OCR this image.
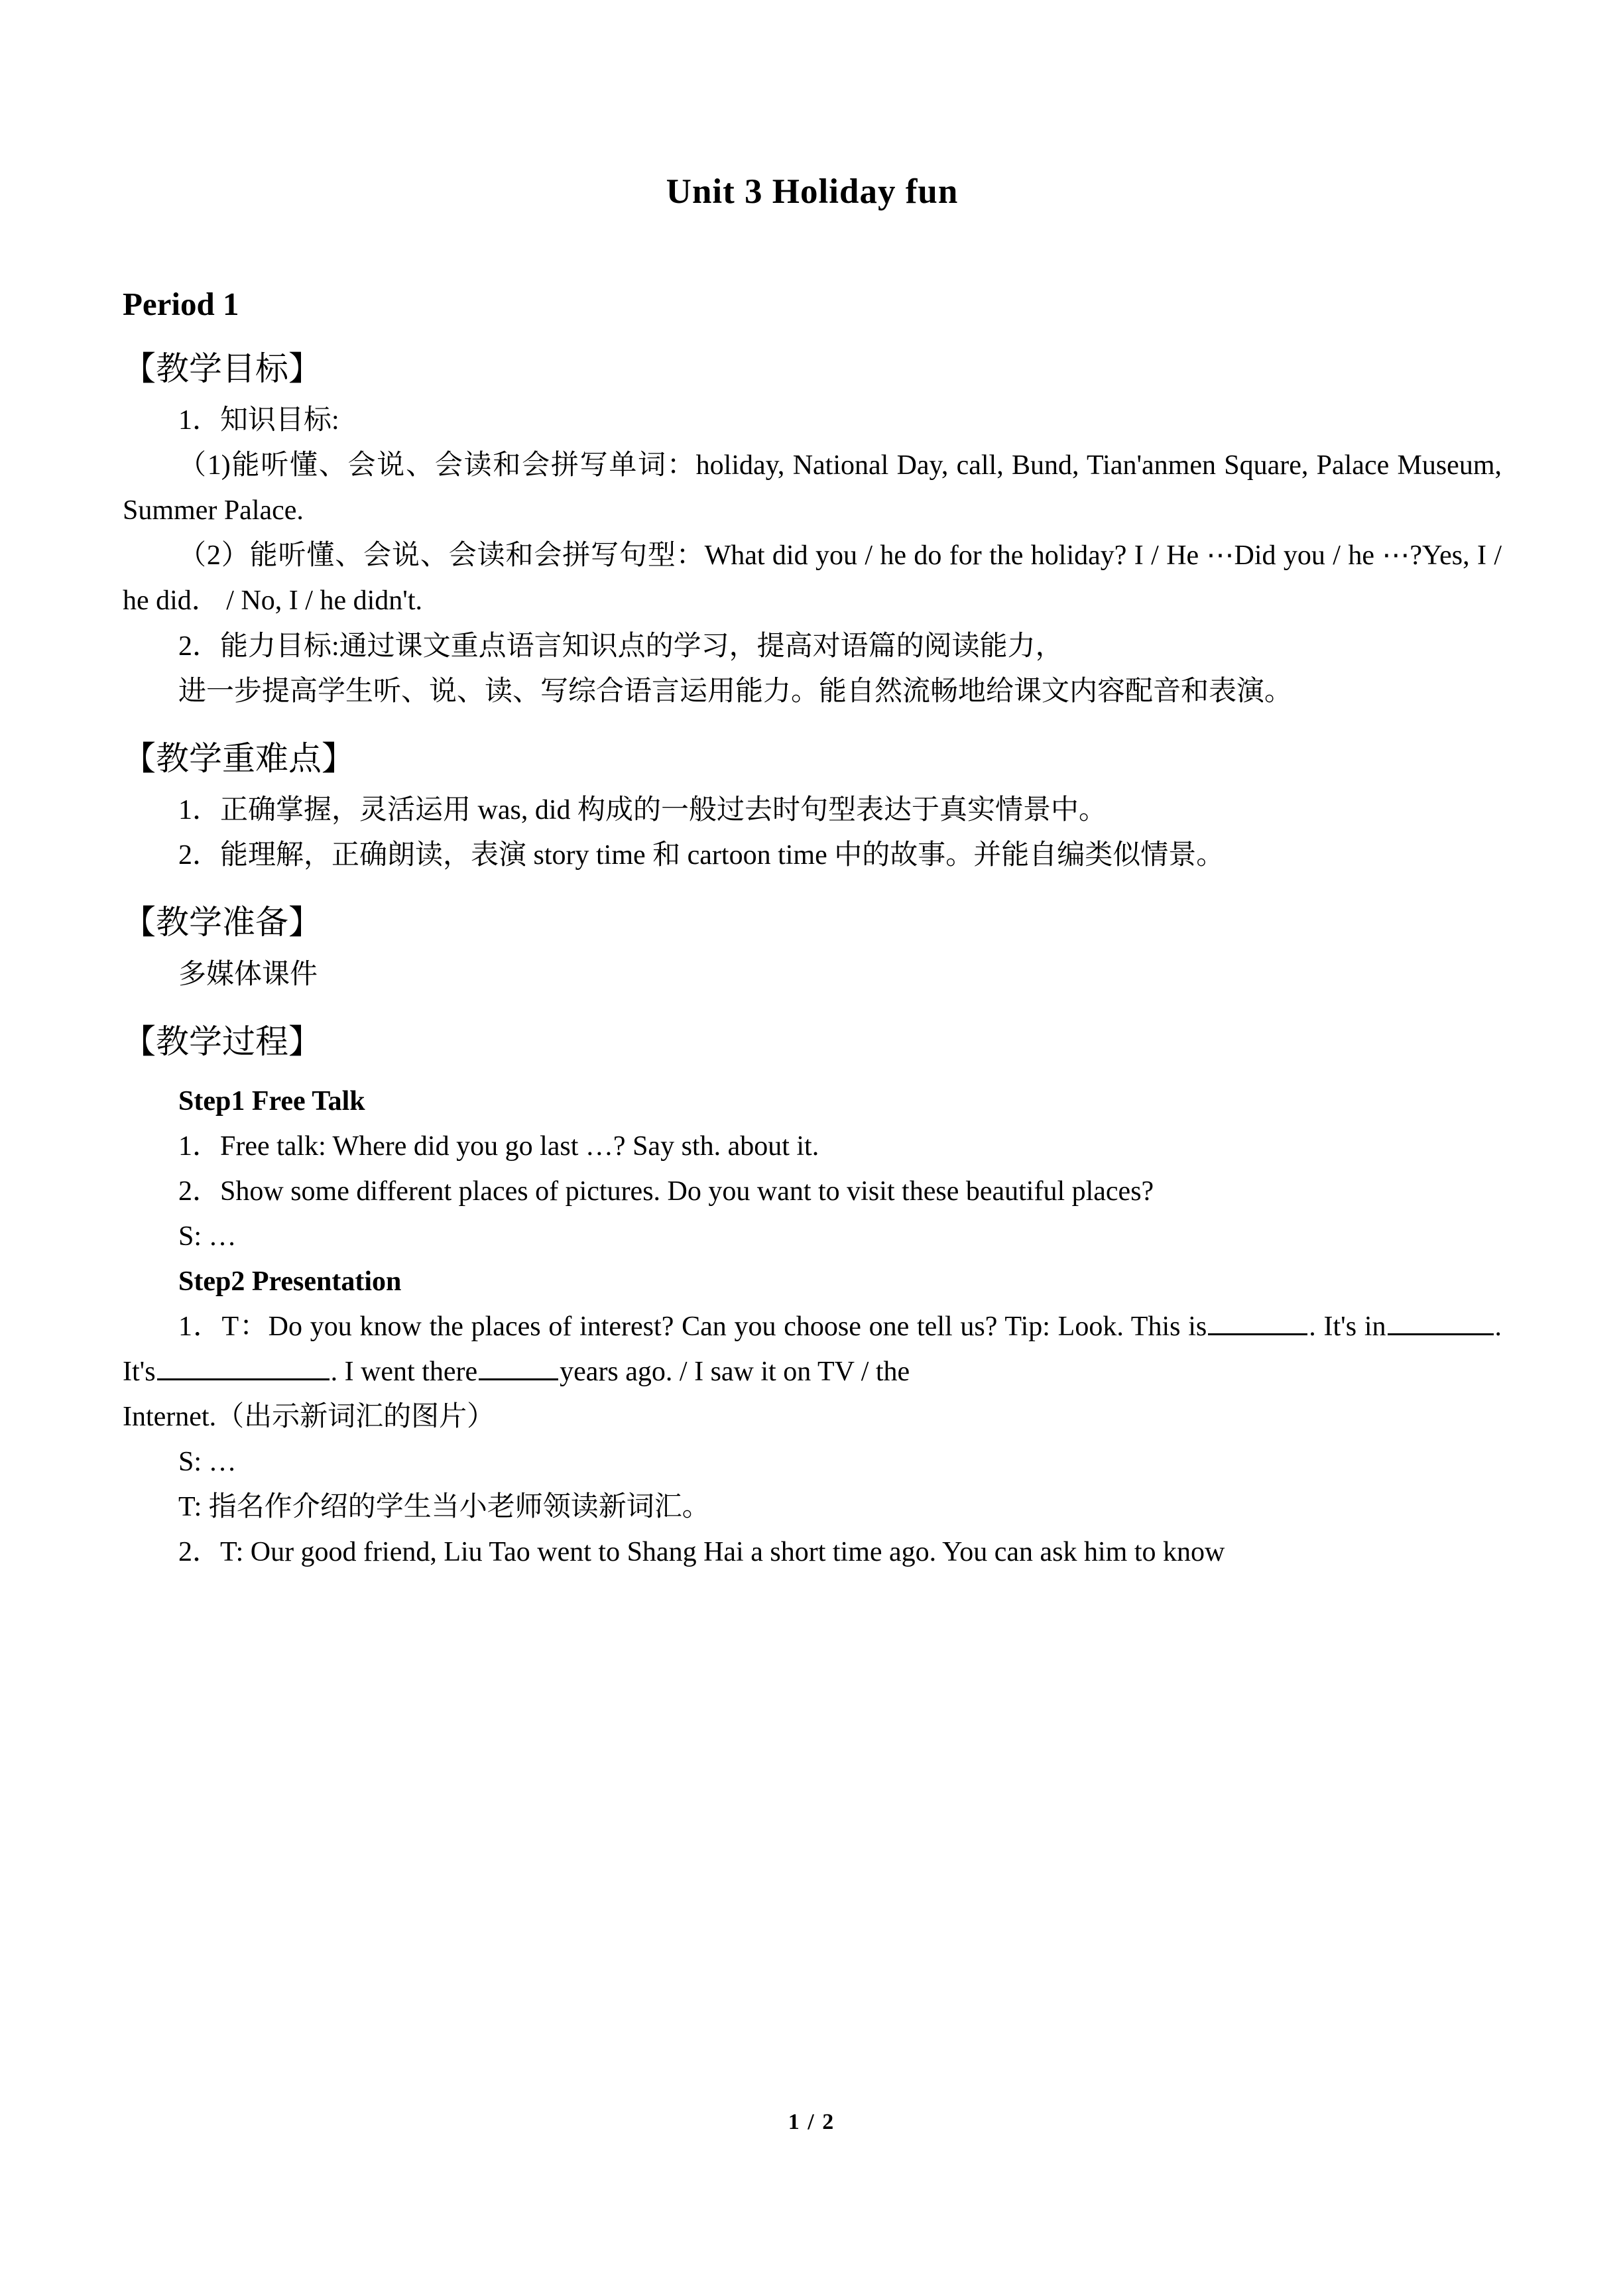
Unit 3 Holiday fun
Period 1
【教学目标】

1．知识目标:

（1)能听懂、会说、会读和会拼写单词：holiday, National Day, call, Bund, Tian'anmen Square, Palace Museum, Summer Palace.

（2）能听懂、会说、会读和会拼写句型：What did you / he do for the holiday? I / He ⋯Did you / he ⋯?Yes, I / he did． / No, I / he didn't.

2．能力目标:通过课文重点语言知识点的学习，提高对语篇的阅读能力，

进一步提高学生听、说、读、写综合语言运用能力。能自然流畅地给课文内容配音和表演。

【教学重难点】

1．正确掌握，灵活运用 was, did 构成的一般过去时句型表达于真实情景中。

2．能理解，正确朗读，表演 story time 和 cartoon time 中的故事。并能自编类似情景。

【教学准备】

多媒体课件

【教学过程】

Step1 Free Talk

1．Free talk: Where did you go last …? Say sth. about it.

2．Show some different places of pictures. Do you want to visit these beautiful places?

S: …

Step2 Presentation

1．T：Do you know the places of interest? Can you choose one tell us? Tip: Look. This is	. It's in	. It's	. I went there	years ago. / I saw it on TV / the

Internet.（出示新词汇的图片）

S: …

T: 指名作介绍的学生当小老师领读新词汇。

2．T: Our good friend, Liu Tao went to Shang Hai a short time ago. You can ask him to know

1 / 2
